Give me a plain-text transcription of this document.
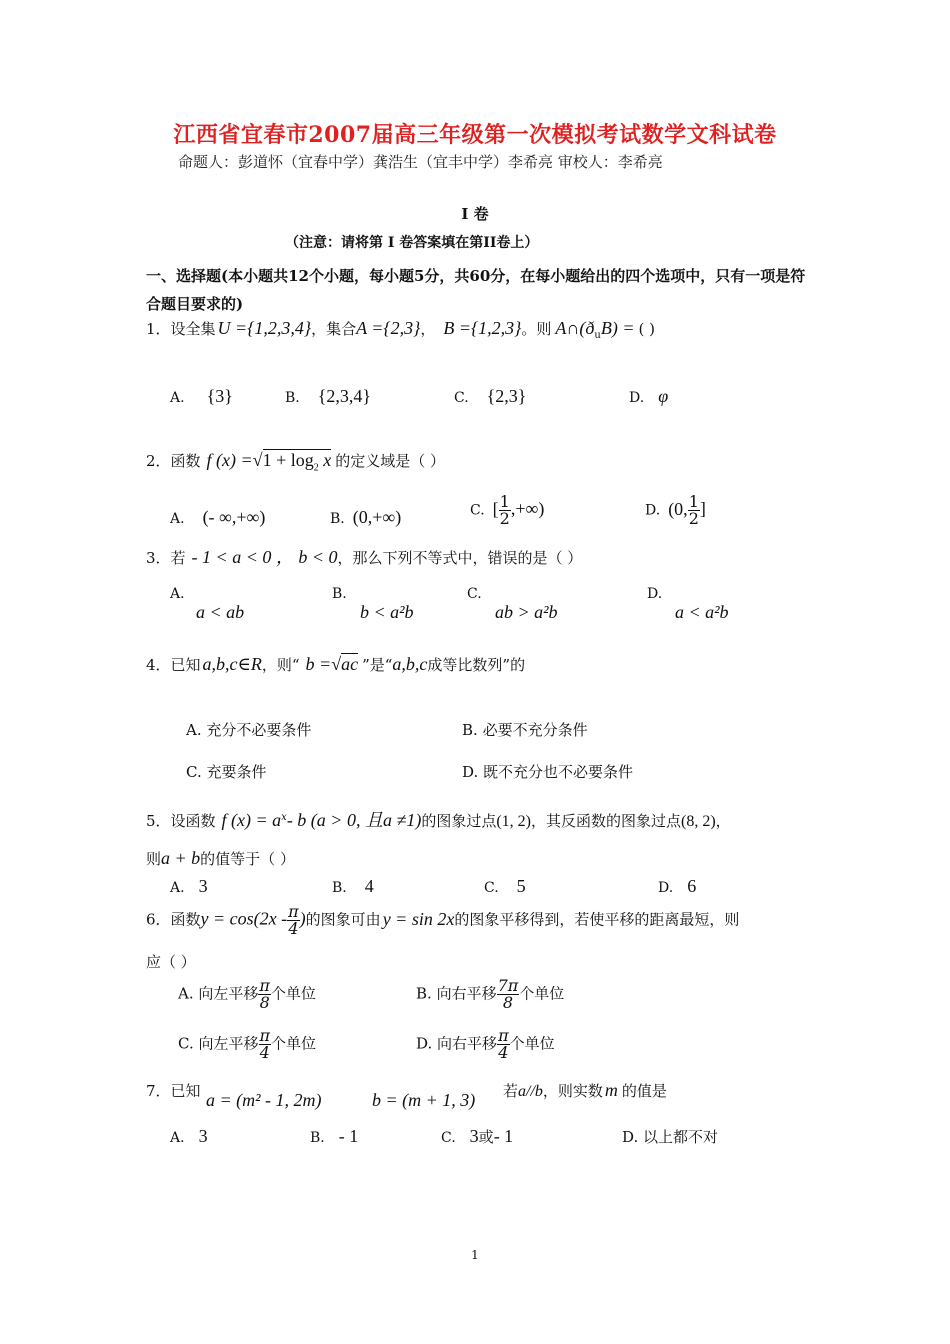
江西省宜春市2007届高三年级第一次模拟考试数学文科试卷
命题人：彭道怀（宜春中学）龚浩生（宜丰中学）李希亮 审校人：李希亮
I 卷
（注意：请将第 I 卷答案填在第II卷上）
一、选择题(本小题共12个小题，每小题5分，共60分，在每小题给出的四个选项中，只有一项是符合题目要求的)
1．设全集 U ={1,2,3,4}，集合A ={2,3}， B ={1,2,3}。则 $A\cap(ð_uB)$ = ( )
A. {3}	B. {2,3,4}	C. {2,3}	D. φ
2．函数 f $(x) =√1 + \log_2 x$ 的定义域是（ ）
A. (- ∞,+∞)	B. (0,+∞)	C. [ $\frac{1}{2}$ ,+∞)	D. (0, $\frac{1}{2}$ ]
3．若 - 1 < a < 0 ， b < 0，那么下列不等式中，错误的是（ ）
A.
a < ab
B.
b < a²b
C.
ab > a²b
D.
a < a²b
4．已知 a,b,c∈R，则“ b =√ac ”是“a,b,c成等比数列”的
A. 充分不必要条件	B. 必要不充分条件
C. 充要条件	D. 既不充分也不必要条件
5．设函数 f $(x) = a^x-$ b (a > 0, 且a ≠1)的图象过点(1, 2)，其反函数的图象过点(8, 2)，
则a + b的值等于（ ）
A. 3	B. 4	C. 5	D. 6
6．函数$y = \cos(2x - \frac{\pi}{4}$ )的图象可由 y = sin 2x的图象平移得到，若使平移的距离最短，则
应（ ）
A. 向左平移 $\frac{\pi}{8}$ 个单位	B. 向右平移 $\frac{7\pi}{8}$ 个单位
C. 向左平移 $\frac{\pi}{4}$ 个单位	D. 向右平移 $\frac{\pi}{4}$ 个单位
7．已知 a = (m² - 1, 2m)	b = (m + 1, 3) 若a//b，则实数 m 的值是
A. 3	B. - 1	C. 3或- 1	D. 以上都不对
1
